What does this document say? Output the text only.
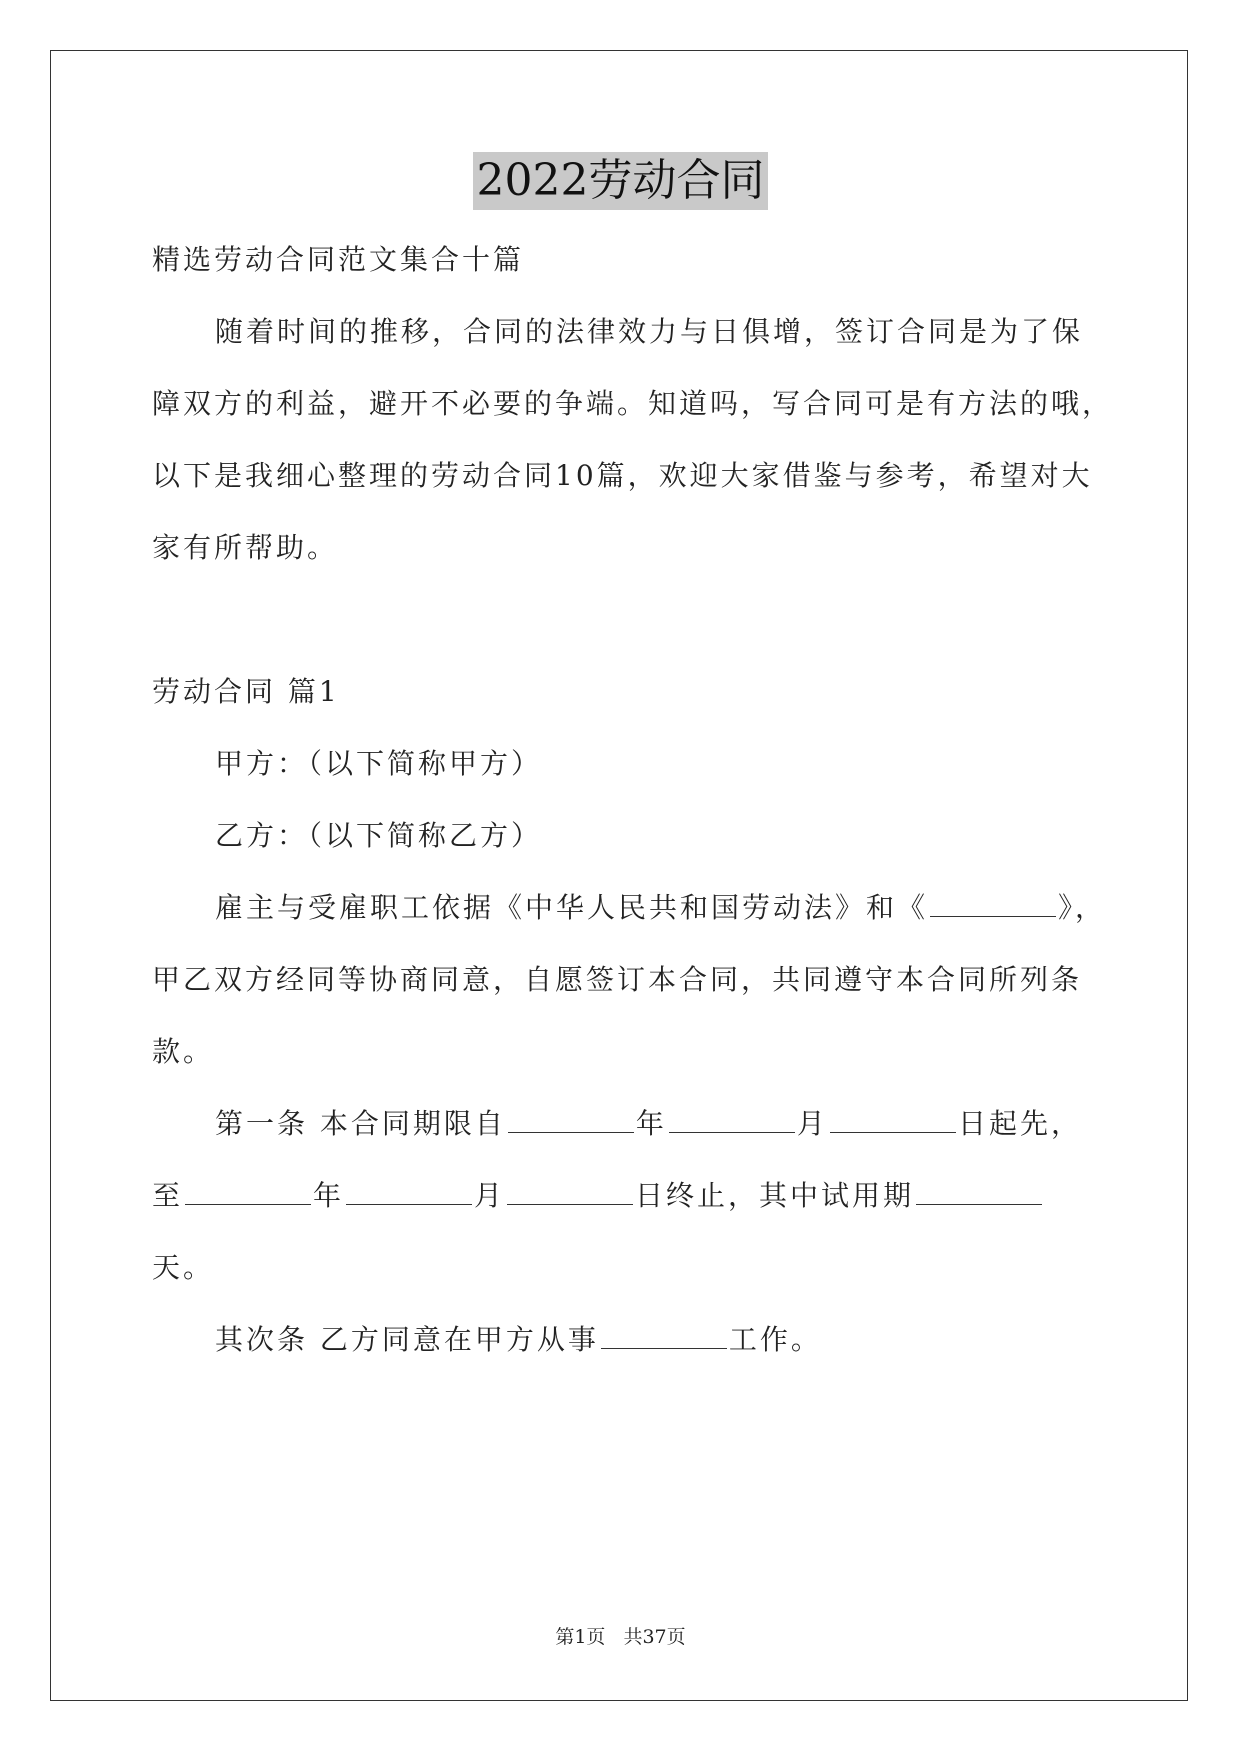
2022劳动合同
精选劳动合同范文集合十篇
随着时间的推移，合同的法律效力与日俱增，签订合同是为了保
障双方的利益，避开不必要的争端。知道吗，写合同可是有方法的哦，
以下是我细心整理的劳动合同10篇，欢迎大家借鉴与参考，希望对大
家有所帮助。
劳动合同 篇1
甲方：（以下简称甲方）
乙方：（以下简称乙方）
雇主与受雇职工依据《中华人民共和国劳动法》和《	》，
甲乙双方经同等协商同意，自愿签订本合同，共同遵守本合同所列条
款。
第一条 本合同期限自	年	月	日起先，
至	年	月	日终止，其中试用期
天。
其次条 乙方同意在甲方从事	工作。
第1页 共37页
